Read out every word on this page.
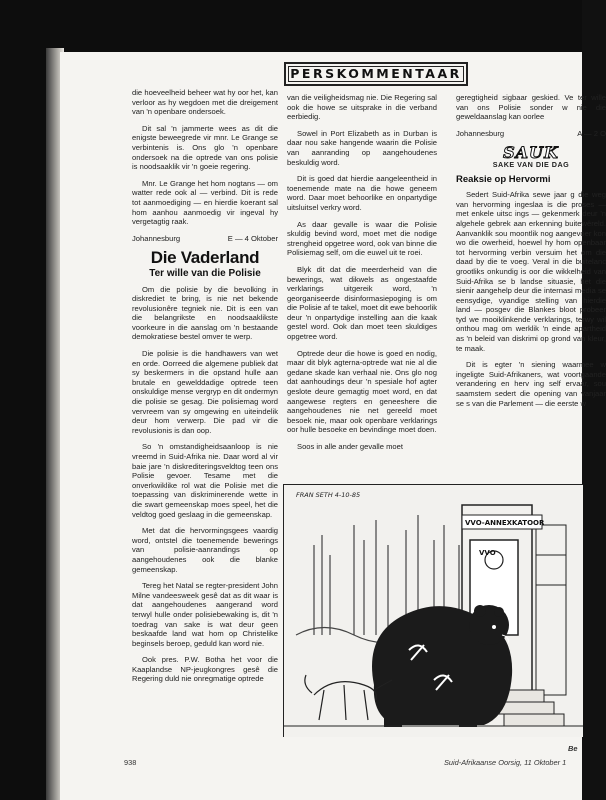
PERSKOMMENTAAR

die hoeveelheid beheer wat hy oor het, kan verloor as hy wegdoen met die dreigement van 'n openbare ondersoek.

Dit sal 'n jammerte wees as dit die enigste beweegrede vir mnr. Le Grange se verbintenis is. Ons glo 'n openbare ondersoek na die optrede van ons polisie is noodsaaklik vir 'n goeie regering.

Mnr. Le Grange het hom nogtans — om watter rede ook al — verbind. Dit is rede tot aanmoediging — en hierdie koerant sal hom aanhou aanmoedig vir ingeval hy vergetagtig raak.

Johannesburg	E — 4 Oktober
Die Vaderland
Ter wille van die Polisie

Om die polisie by die bevolking in diskrediet te bring, is nie net bekende revolusionêre tegniek nie. Dit is een van die belangrikste en noodsaaklikste voorkeure in die aanslag om 'n bestaande demokratiese bestel omver te werp.

Die polisie is die handhawers van wet en orde. Oorreed die algemene publiek dat sy beskermers in die opstand hulle aan brutale en gewelddadige optrede teen onskuldige mense vergryp en dit ondermyn die polisie se gesag. Die polisiemag word vervreem van sy omgewing en uiteindelik deur hom verwerp. Die pad vir die revolusionis is dan oop.

So 'n omstandigheidsaanloop is nie vreemd in Suid-Afrika nie. Daar word al vir baie jare 'n diskrediteringsveldtog teen ons Polisie gevoer. Tesame met die onverkwiklike rol wat die Polisie met die toepassing van diskriminerende wette in die swart gemeenskap moes speel, het die veldtog goed geslaag in die gemeenskap.

Met dat die hervormingsgees vaardig word, ontstel die toenemende bewerings van polisie-aanrandings op aangehoudenes ook die blanke gemeenskap.

Tereg het Natal se regter-president John Milne vandeesweek gesê dat as dit waar is dat aangehoudenes aangerand word terwyl hulle onder polisiebewaking is, dit 'n toedrag van sake is wat deur geen beskaafde land wat hom op Christelike beginsels beroep, geduld kan word nie.

Ook pres. P.W. Botha het voor die Kaaplandse NP-jeugkongres gesê die Regering duld nie onregmatige optrede

van die veiligheidsmag nie. Die Regering sal ook die howe se uitsprake in die verband eerbiedig.

Sowel in Port Elizabeth as in Durban is daar nou sake hangende waarin die Polisie van aanranding op aangehoudenes beskuldig word.

Dit is goed dat hierdie aangeleentheid in toenemende mate na die howe geneem word. Daar moet behoorlike en onpartydige uitsluitsel verkry word.

As daar gevalle is waar die Polisie skuldig bevind word, moet met die nodige strengheid opgetree word, ook van binne die Polisiemag self, om die euwel uit te roei.

Blyk dit dat die meerderheid van die bewerings, wat dikwels as ongestaafde verklarings uitgereik word, 'n georganiseerde disinformasiepoging is om die Polisie af te takel, moet dit ewe behoorlik deur 'n onpartydige instelling aan die kaak gestel word. Ook dan moet teen skuldiges opgetree word.

Optrede deur die howe is goed en nodig, maar dit blyk agterna-optrede wat nie al die gedane skade kan verhaal nie. Ons glo nog dat aanhoudings deur 'n spesiale hof agter geslote deure gemagtig moet word, en dat aangewese regters en geneeshere die aangehoudenes nie net gereeld moet besoek nie, maar ook openbare verklarings oor hulle besoeke en bevindinge moet doen.

Soos in alle ander gevalle moet

geregtigheid sigbaar geskied. Ve ter wille van ons Polisie sonder w nie die geweldaanslag kan oorlee

Johannesburg	A — 2 O
SAUK
SAKE VAN DIE DAG
Reaksie op Hervormi

Sedert Suid-Afrika sewe jaar g die weg van hervorming ingeslaa is die proses — met enkele uitsc ings — gekenmerk deur 'n algehele gebrek aan erkenning buitewêreld. Aanvanklik sou moontlik nog aangevoer kon wo die owerheid, hoewel hy hom openbaar tot hervorming verbin versuim het om die daad by die te voeg. Veral in die buitelanc grootliks onkundig is oor die wikkelheid van Suid-Afrika se b landse situasie, het die sienir aangehelp deur die internasi media se eensydige, vyandige stelling van hierdie land — posgev die Blankes bloot probeer tyd we mooiklinkende verklarings, terwy wil onthou mag om werklik 'n einde apartheid as 'n beleid van diskrimi op grond van kleur, te maak.

Dit is egter 'n siening waarmee w ingeligte Suid-Afrikaners, wat voortgaande verandering en herv ing self ervaar, sou saamstem sedert die opening van vanjaar se s van die Parlement — die eerste w

VVO-ANNEXKATOOR
VVO
FRAN SETH 4-10-85
938	Suid-Afrikaanse Oorsig, 11 Oktober 1
Be
